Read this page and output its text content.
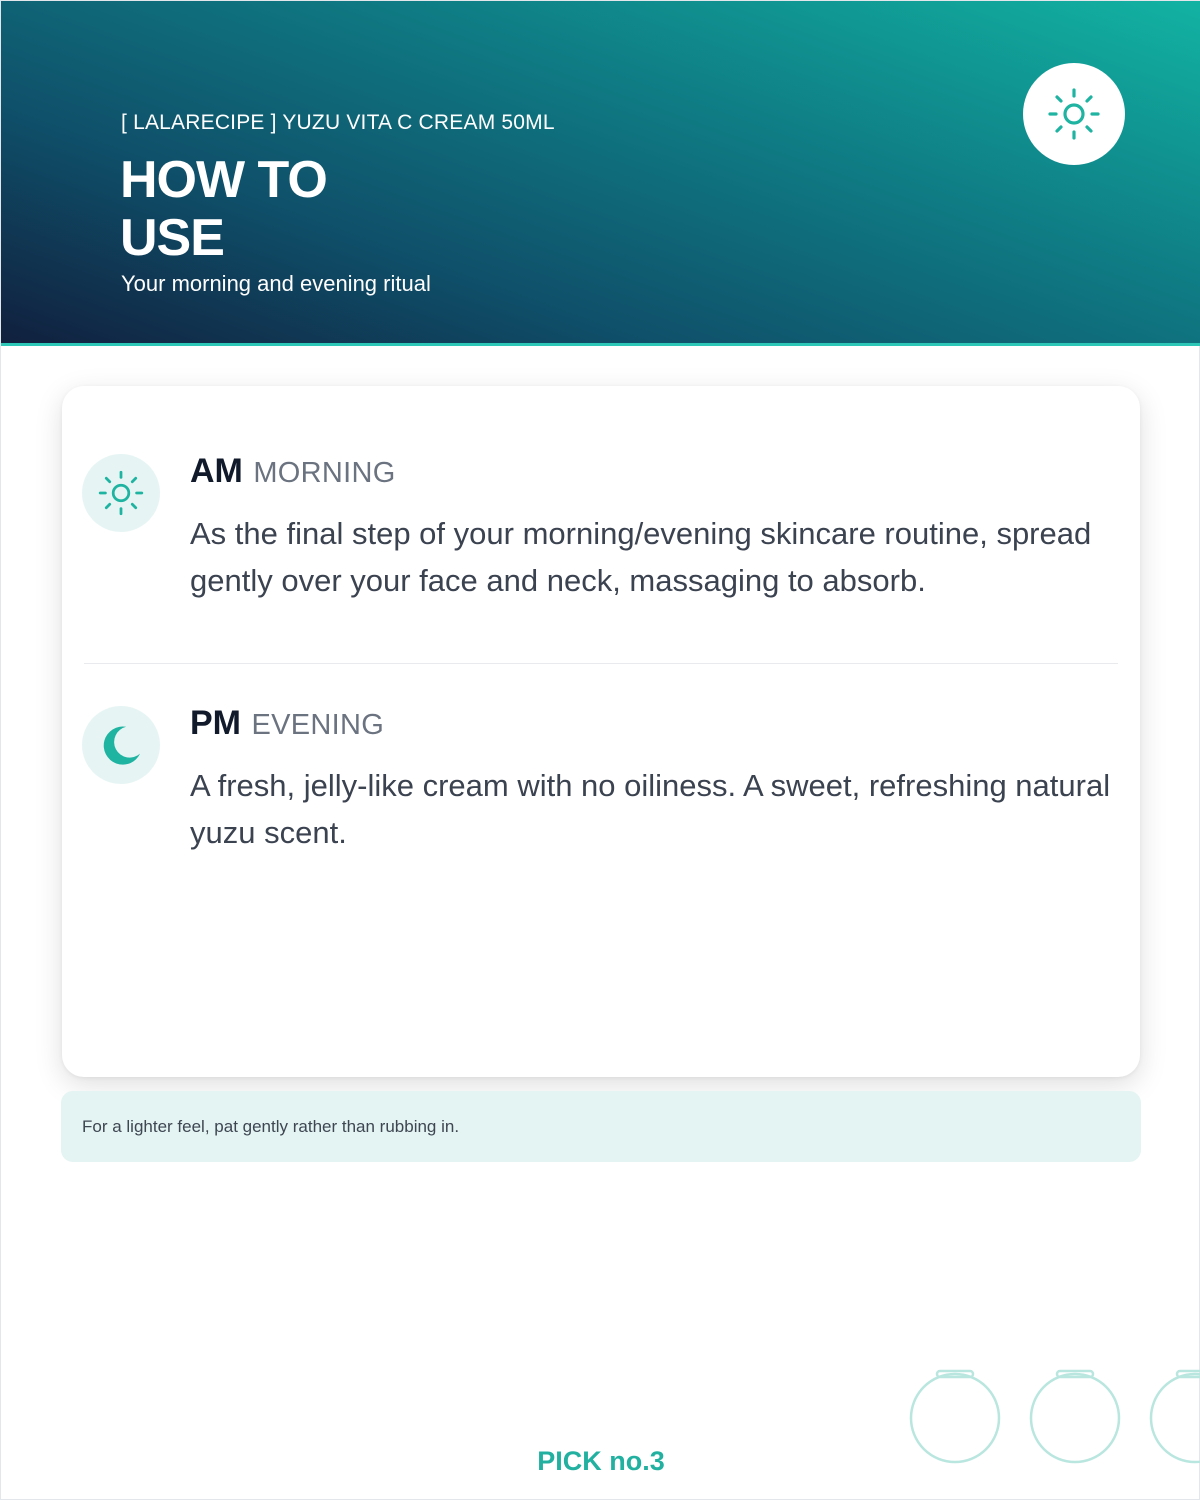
[ LALARECIPE ] YUZU VITA C CREAM 50ML
HOW TO
USE
Your morning and evening ritual
AM MORNING
As the final step of your morning/evening skincare routine, spread gently over your face and neck, massaging to absorb.
PM EVENING
A fresh, jelly-like cream with no oiliness. A sweet, refreshing natural yuzu scent.
For a lighter feel, pat gently rather than rubbing in.
PICK no.3
